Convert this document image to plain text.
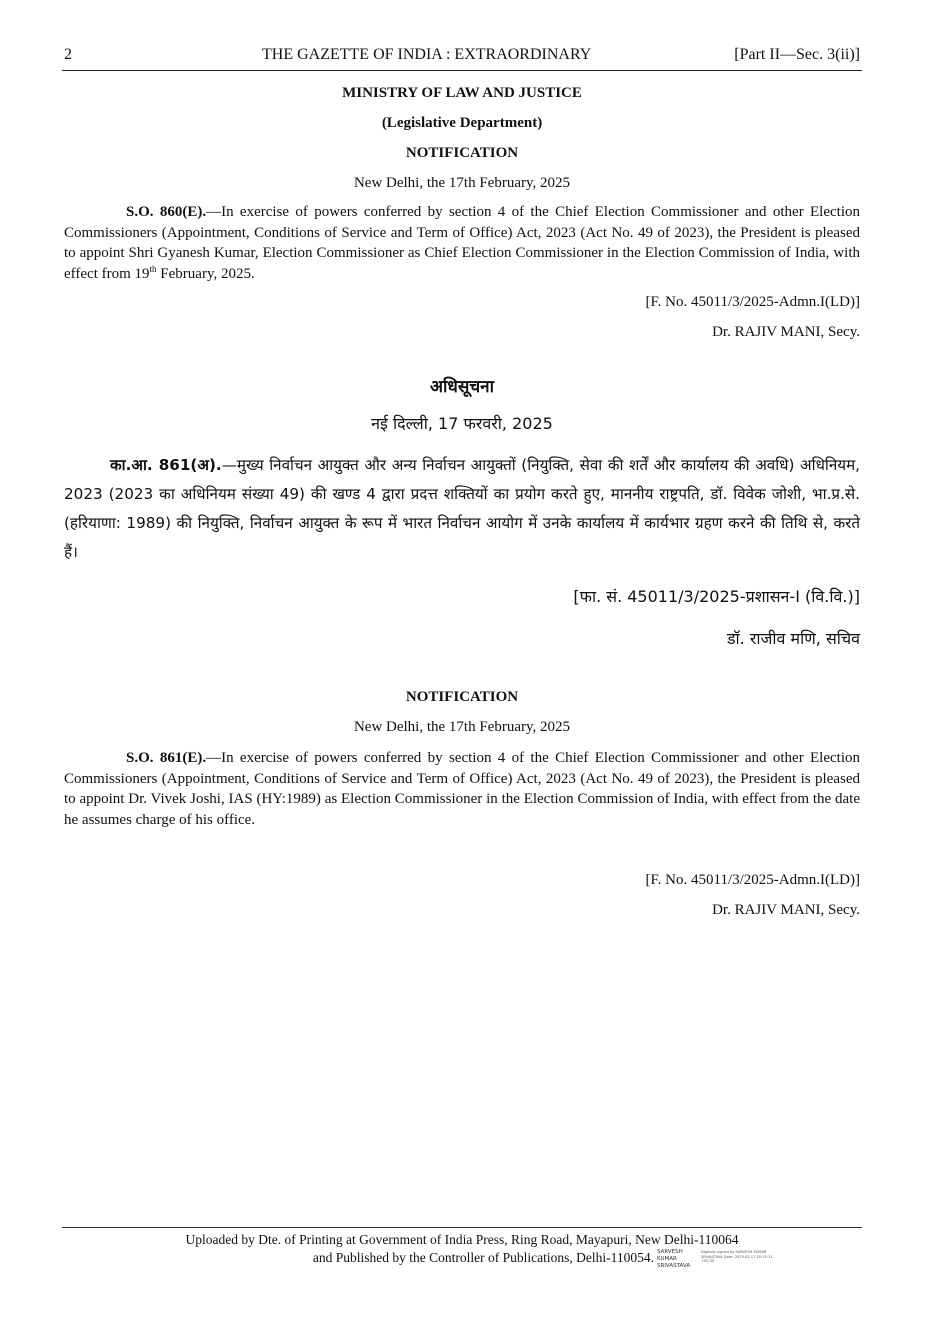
2	THE GAZETTE OF INDIA : EXTRAORDINARY	[Part II—Sec. 3(ii)]
MINISTRY OF LAW AND JUSTICE
(Legislative Department)
NOTIFICATION
New Delhi, the 17th February, 2025
S.O. 860(E).—In exercise of powers conferred by section 4 of the Chief Election Commissioner and other Election Commissioners (Appointment, Conditions of Service and Term of Office) Act, 2023 (Act No. 49 of 2023), the President is pleased to appoint Shri Gyanesh Kumar, Election Commissioner as Chief Election Commissioner in the Election Commission of India, with effect from 19th February, 2025.
[F. No. 45011/3/2025-Admn.I(LD)]
Dr. RAJIV MANI, Secy.
अधिसूचना
नई दिल्ली, 17 फरवरी, 2025
का.आ. 861(अ).—मुख्य निर्वाचन आयुक्त और अन्य निर्वाचन आयुक्तों (नियुक्ति, सेवा की शर्तें और कार्यालय की अवधि) अधिनियम, 2023 (2023 का अधिनियम संख्या 49) की खण्ड 4 द्वारा प्रदत्त शक्तियों का प्रयोग करते हुए, माननीय राष्ट्रपति, डॉ. विवेक जोशी, भा.प्र.से.(हरियाणा: 1989) की नियुक्ति, निर्वाचन आयुक्त के रूप में भारत निर्वाचन आयोग में उनके कार्यालय में कार्यभार ग्रहण करने की तिथि से, करते हैं।
[फा. सं. 45011/3/2025-प्रशासन-I (वि.वि.)]
डॉ. राजीव मणि, सचिव
NOTIFICATION
New Delhi, the 17th February, 2025
S.O. 861(E).—In exercise of powers conferred by section 4 of the Chief Election Commissioner and other Election Commissioners (Appointment, Conditions of Service and Term of Office) Act, 2023 (Act No. 49 of 2023), the President is pleased to appoint Dr. Vivek Joshi, IAS (HY:1989) as Election Commissioner in the Election Commission of India, with effect from the date he assumes charge of his office.
[F. No. 45011/3/2025-Admn.I(LD)]
Dr. RAJIV MANI, Secy.
Uploaded by Dte. of Printing at Government of India Press, Ring Road, Mayapuri, New Delhi-110064
and Published by the Controller of Publications, Delhi-110054. SARVESH KUMAR SRIVASTAVA
Digitally signed by SARVESH KUMAR SRIVASTAVA Date: 2025.02.17 20:15:11 +05'30'
